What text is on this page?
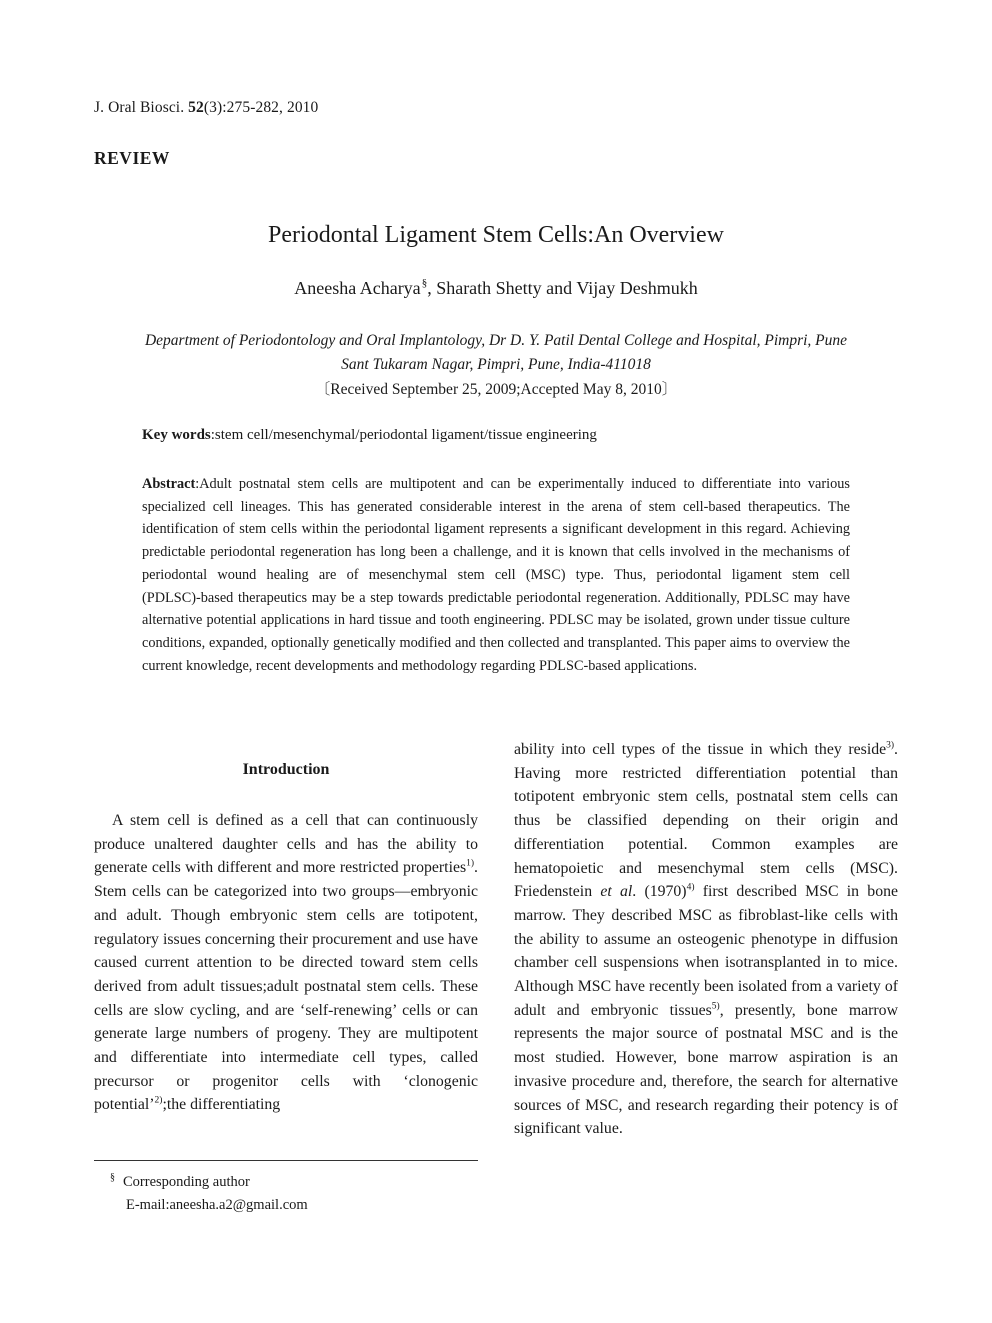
J. Oral Biosci. 52(3):275‑282, 2010
REVIEW
Periodontal Ligament Stem Cells:An Overview
Aneesha Acharya§, Sharath Shetty and Vijay Deshmukh
Department of Periodontology and Oral Implantology, Dr D. Y. Patil Dental College and Hospital, Pimpri, Pune
Sant Tukaram Nagar, Pimpri, Pune, India‑411018
〔Received September 25, 2009;Accepted May 8, 2010〕
Key words:stem cell/mesenchymal/periodontal ligament/tissue engineering
Abstract:Adult postnatal stem cells are multipotent and can be experimentally induced to differentiate into various specialized cell lineages. This has generated considerable interest in the arena of stem cell‑based therapeutics. The identification of stem cells within the periodontal ligament represents a significant development in this regard. Achieving predictable periodontal regeneration has long been a challenge, and it is known that cells involved in the mechanisms of periodontal wound healing are of mesenchymal stem cell (MSC) type. Thus, periodontal ligament stem cell (PDLSC)‑based therapeutics may be a step towards predictable periodontal regeneration. Additionally, PDLSC may have alternative potential applications in hard tissue and tooth engineering. PDLSC may be isolated, grown under tissue culture conditions, expanded, optionally genetically modified and then collected and transplanted. This paper aims to overview the current knowledge, recent developments and methodology regarding PDLSC‑based applications.
Introduction

A stem cell is defined as a cell that can continuously produce unaltered daughter cells and has the ability to generate cells with different and more restricted properties$^{1)}$. Stem cells can be categorized into two groups—embryonic and adult. Though embryonic stem cells are totipotent, regulatory issues concerning their procurement and use have caused current attention to be directed toward stem cells derived from adult tissues;adult postnatal stem cells. These cells are slow cycling, and are ‘self‑renewing’ cells or can generate large numbers of progeny. They are multipotent and differentiate into intermediate cell types, called precursor or progenitor cells with ‘clonogenic potential’$^{2)}$;the differentiating

ability into cell types of the tissue in which they reside$^{3)}$. Having more restricted differentiation potential than totipotent embryonic stem cells, postnatal stem cells can thus be classified depending on their origin and differentiation potential. Common examples are hematopoietic and mesenchymal stem cells (MSC). Friedenstein et al. $(1970)^{4)}$ first described MSC in bone marrow. They described MSC as fibroblast‑like cells with the ability to assume an osteogenic phenotype in diffusion chamber cell suspensions when isotransplanted in to mice. Although MSC have recently been isolated from a variety of adult and embryonic tissues$^{5)}$, presently, bone marrow represents the major source of postnatal MSC and is the most studied. However, bone marrow aspiration is an invasive procedure and, therefore, the search for alternative sources of MSC, and research regarding their potency is of significant value.

§ Corresponding author
E‑mail:aneesha.a2@gmail.com
